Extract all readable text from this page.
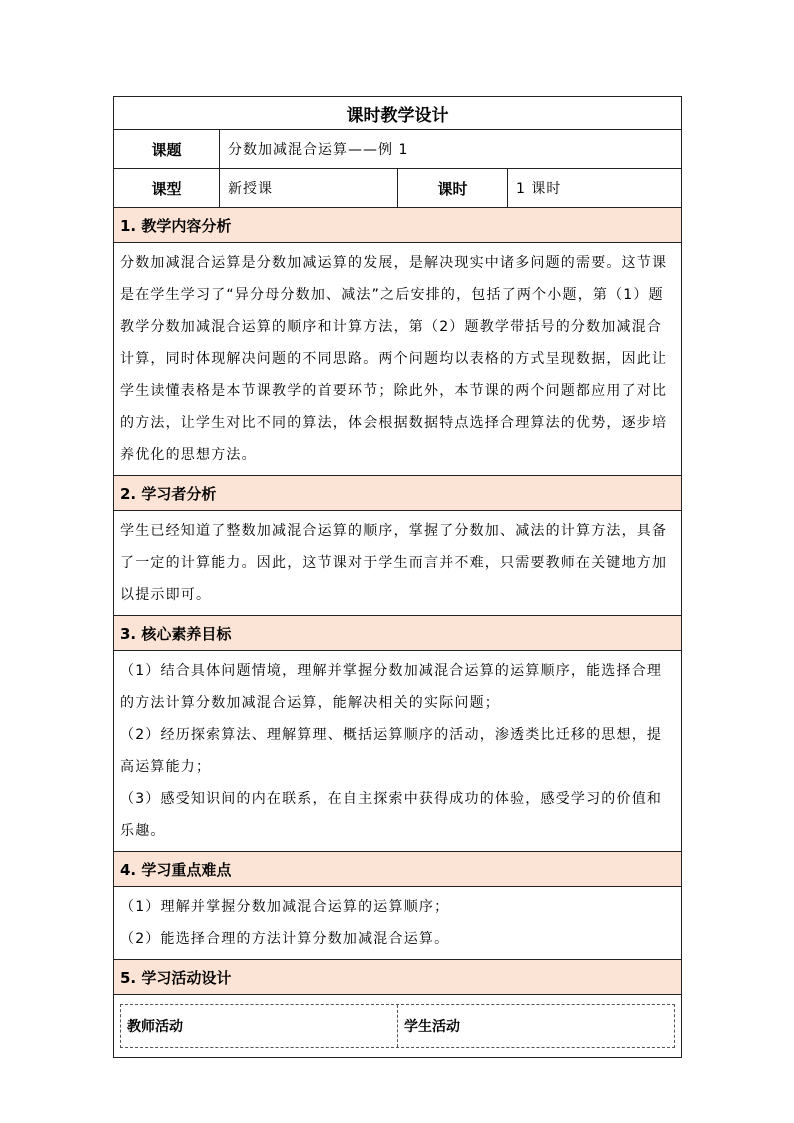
课时教学设计			
课题	分数加减混合运算——例 1		
课型	新授课	课时	1 课时
1. 教学内容分析			

分数加减混合运算是分数加减运算的发展，是解决现实中诸多问题的需要。这节课是在学生学习了“异分母分数加、减法”之后安排的，包括了两个小题，第（1）题教学分数加减混合运算的顺序和计算方法，第（2）题教学带括号的分数加减混合计算，同时体现解决问题的不同思路。两个问题均以表格的方式呈现数据，因此让学生读懂表格是本节课教学的首要环节；除此外，本节课的两个问题都应用了对比的方法，让学生对比不同的算法，体会根据数据特点选择合理算法的优势，逐步培养优化的思想方法。			

2. 学习者分析			

学生已经知道了整数加减混合运算的顺序，掌握了分数加、减法的计算方法，具备了一定的计算能力。因此，这节课对于学生而言并不难，只需要教师在关键地方加以提示即可。			

3. 核心素养目标			

（1）结合具体问题情境，理解并掌握分数加减混合运算的运算顺序，能选择合理的方法计算分数加减混合运算，能解决相关的实际问题；

（2）经历探索算法、理解算理、概括运算顺序的活动，渗透类比迁移的思想，提高运算能力；

（3）感受知识间的内在联系，在自主探索中获得成功的体验，感受学习的价值和乐趣。			

4. 学习重点难点			

（1）理解并掌握分数加减混合运算的运算顺序；

（2）能选择合理的方法计算分数加减混合运算。			

5. 学习活动设计			

教师活动 学生活动			
